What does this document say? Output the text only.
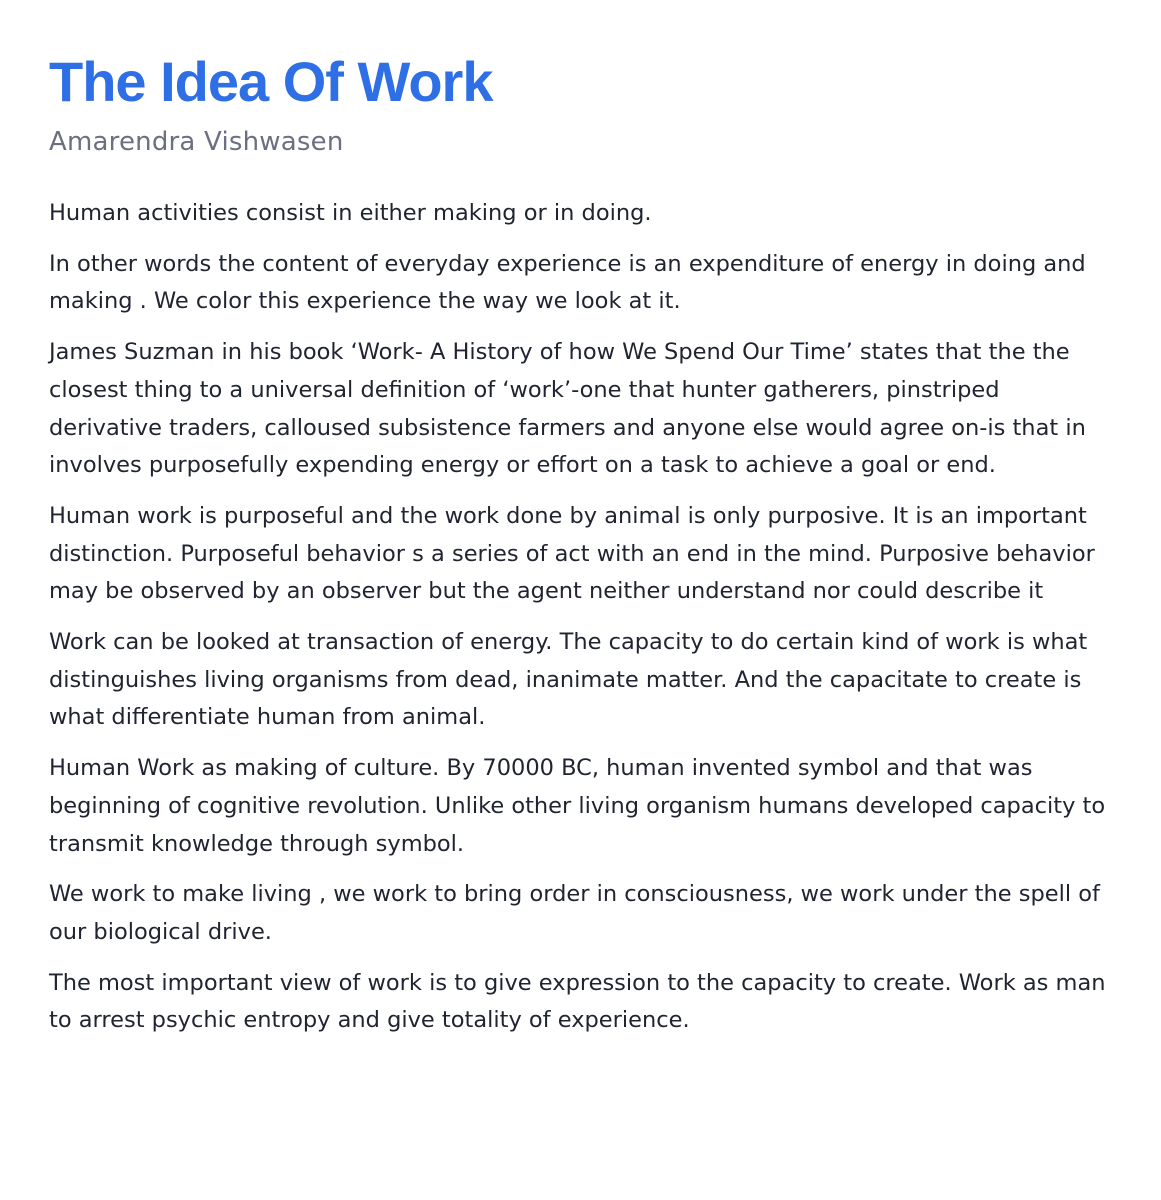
The Idea Of Work
Amarendra Vishwasen

Human activities consist in either making or in doing.

In other words the content of everyday experience is an expenditure of energy in doing and making . We color this experience the way we look at it.

James Suzman in his book ‘Work- A History of how We Spend Our Time’ states that the the closest thing to a universal definition of ‘work’-one that hunter gatherers, pinstriped derivative traders, calloused subsistence farmers and anyone else would agree on-is that in involves purposefully expending energy or effort on a task to achieve a goal or end.

Human work is purposeful and the work done by animal is only purposive. It is an important distinction. Purposeful behavior s a series of act with an end in the mind. Purposive behavior may be observed by an observer but the agent neither understand nor could describe it

Work can be looked at transaction of energy. The capacity to do certain kind of work is what distinguishes living organisms from dead, inanimate matter. And the capacitate to create is what differentiate human from animal.

Human Work as making of culture. By 70000 BC, human invented symbol and that was beginning of cognitive revolution. Unlike other living organism humans developed capacity to transmit knowledge through symbol.

We work to make living , we work to bring order in consciousness, we work under the spell of our biological drive.

The most important view of work is to give expression to the capacity to create. Work as man to arrest psychic entropy and give totality of experience.
